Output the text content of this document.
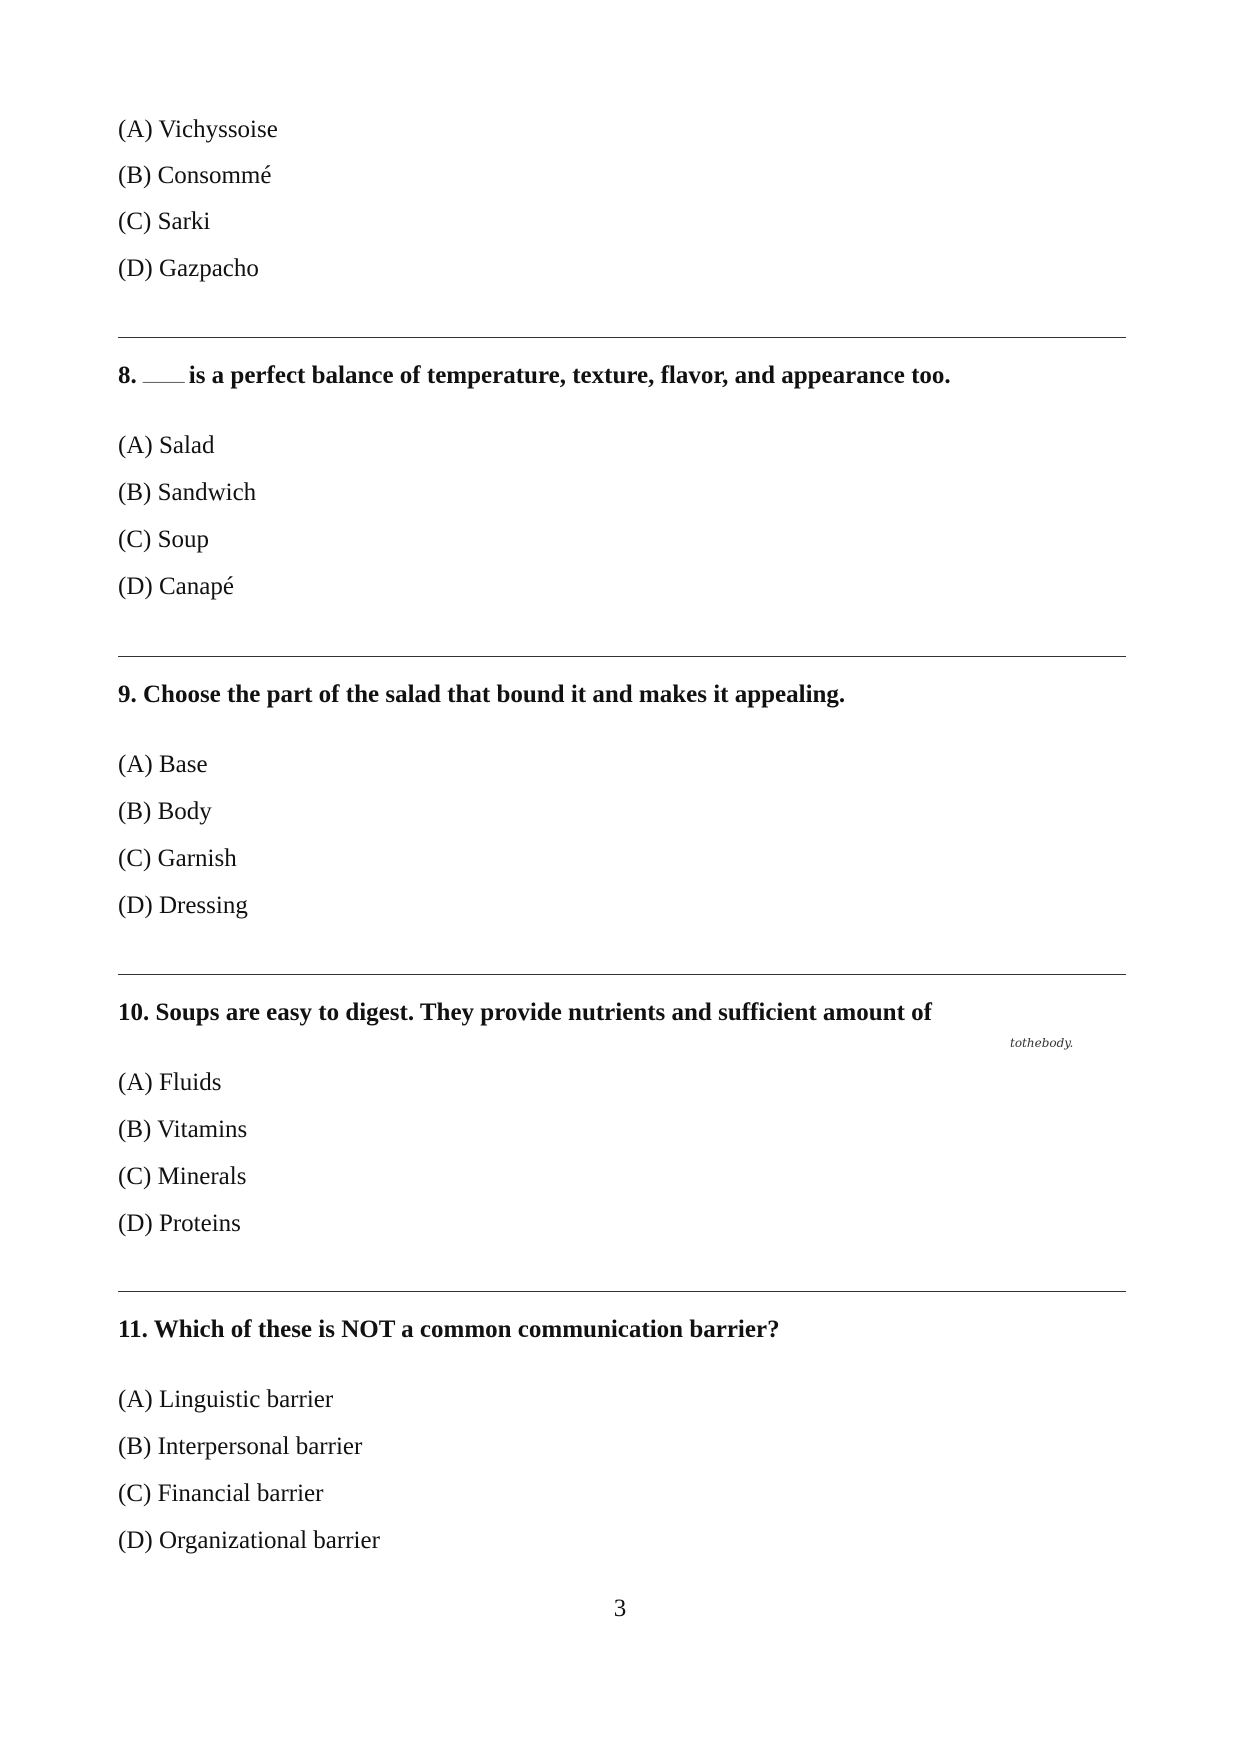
(A) Vichyssoise
(B) Consommé
(C) Sarki
(D) Gazpacho
8. ______ is a perfect balance of temperature, texture, flavor, and appearance too.
(A) Salad
(B) Sandwich
(C) Soup
(D) Canapé
9. Choose the part of the salad that bound it and makes it appealing.
(A) Base
(B) Body
(C) Garnish
(D) Dressing
10. Soups are easy to digest. They provide nutrients and sufficient amount of
tothebody.
(A) Fluids
(B) Vitamins
(C) Minerals
(D) Proteins
11. Which of these is NOT a common communication barrier?
(A) Linguistic barrier
(B) Interpersonal barrier
(C) Financial barrier
(D) Organizational barrier
3
